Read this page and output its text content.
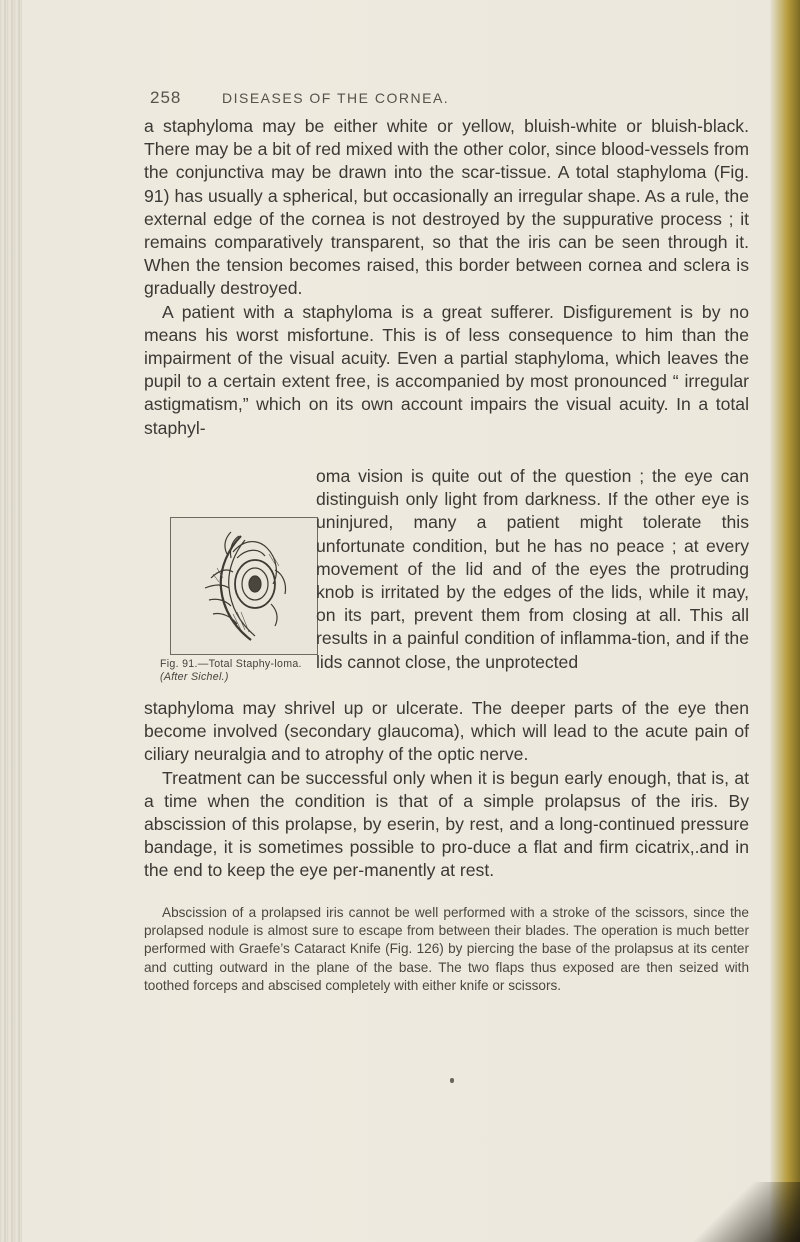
258	DISEASES OF THE CORNEA.

a staphyloma may be either white or yellow, bluish-white or bluish-black. There may be a bit of red mixed with the other color, since blood-vessels from the conjunctiva may be drawn into the scar-tissue. A total staphyloma (Fig. 91) has usually a spherical, but occasionally an irregular shape. As a rule, the external edge of the cornea is not destroyed by the suppurative process ; it remains comparatively transparent, so that the iris can be seen through it. When the tension becomes raised, this border between cornea and sclera is gradually destroyed.

A patient with a staphyloma is a great sufferer. Disfigurement is by no means his worst misfortune. This is of less consequence to him than the impairment of the visual acuity. Even a partial staphyloma, which leaves the pupil to a certain extent free, is accompanied by most pronounced “ irregular astigmatism,” which on its own account impairs the visual acuity. In a total staphyl-

Fig. 91.—Total Staphy-loma. (After Sichel.)

oma vision is quite out of the question ; the eye can distinguish only light from darkness. If the other eye is uninjured, many a patient might tolerate this unfortunate condition, but he has no peace ; at every movement of the lid and of the eyes the protruding knob is irritated by the edges of the lids, while it may, on its part, prevent them from closing at all. This all results in a painful condition of inflamma-tion, and if the lids cannot close, the unprotected

staphyloma may shrivel up or ulcerate. The deeper parts of the eye then become involved (secondary glaucoma), which will lead to the acute pain of ciliary neuralgia and to atrophy of the optic nerve.

Treatment can be successful only when it is begun early enough, that is, at a time when the condition is that of a simple prolapsus of the iris. By abscission of this prolapse, by eserin, by rest, and a long-continued pressure bandage, it is sometimes possible to pro-duce a flat and firm cicatrix,.and in the end to keep the eye per-manently at rest.

Abscission of a prolapsed iris cannot be well performed with a stroke of the scissors, since the prolapsed nodule is almost sure to escape from between their blades. The operation is much better performed with Graefe’s Cataract Knife (Fig. 126) by piercing the base of the prolapsus at its center and cutting outward in the plane of the base. The two flaps thus exposed are then seized with toothed forceps and abscised completely with either knife or scissors.
